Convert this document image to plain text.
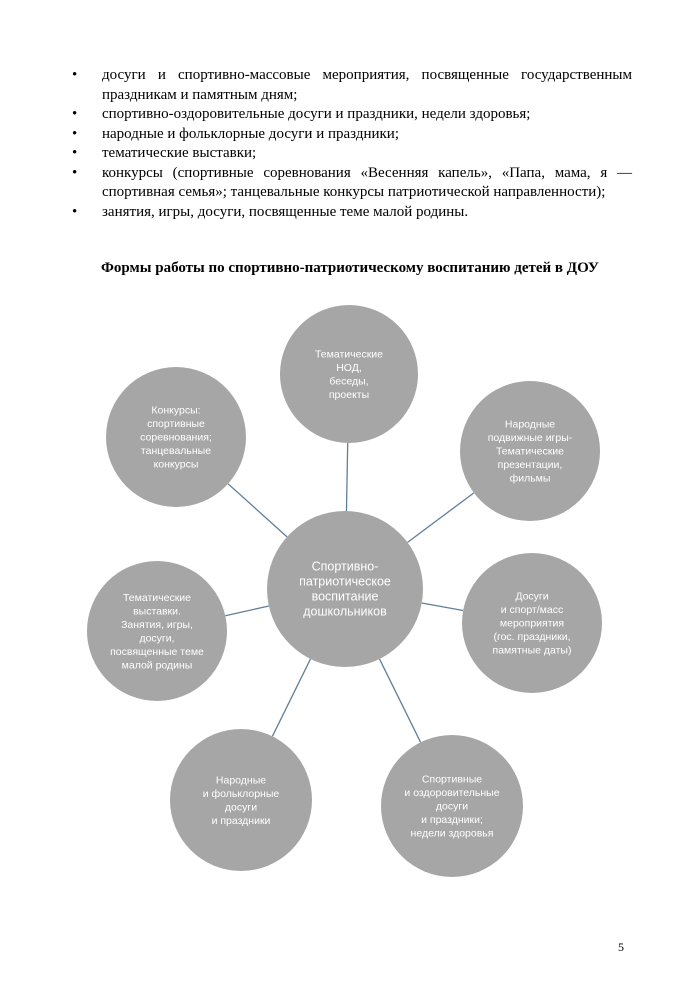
• досуги и спортивно-массовые мероприятия, посвященные государственным праздникам и памятным дням;
• спортивно-оздоровительные досуги и праздники, недели здоровья;
• народные и фольклорные досуги и праздники;
• тематические выставки;
• конкурсы (спортивные соревнования «Весенняя капель», «Папа, мама, я — спортивная семья»; танцевальные конкурсы патриотической направленности);
• занятия, игры, досуги, посвященные теме малой родины.
Формы работы по спортивно-патриотическому воспитанию детей в ДОУ
Спортивно-
патриотическое
воспитание
дошкольников
Тематические
НОД,
беседы,
проекты
Народные
подвижные игры-
Тематические
презентации,
фильмы
Досуги
и спорт/масс
мероприятия
(гос. праздники,
памятные даты)
Спортивные
и оздоровительные
досуги
и праздники;
недели здоровья
Народные
и фольклорные
досуги
и праздники
Тематические
выставки.
Занятия, игры,
досуги,
посвященные теме
малой родины
Конкурсы:
спортивные
соревнования;
танцевальные
конкурсы
5
